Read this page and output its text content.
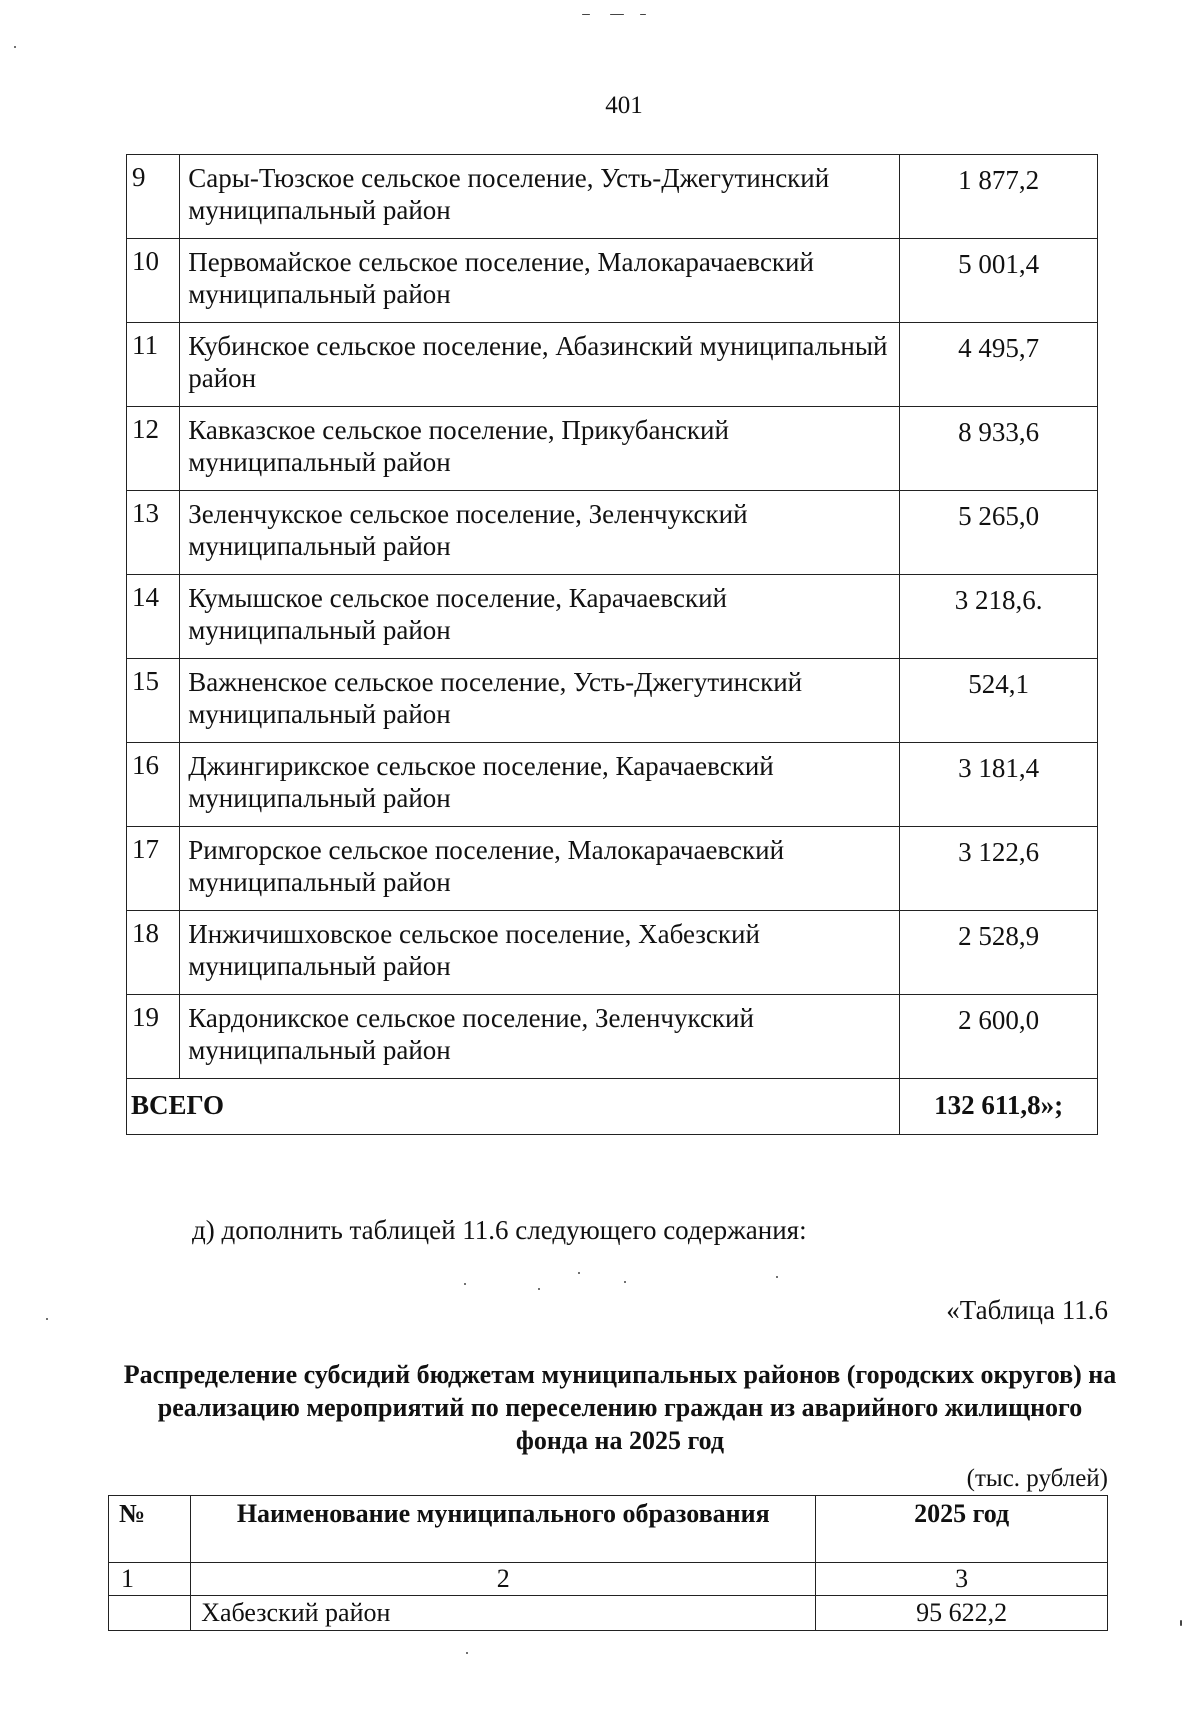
401
9	Сары-Тюзское сельское поселение, Усть-Джегутинский муниципальный район	1 877,2
10	Первомайское сельское поселение, Малокарачаевский муниципальный район	5 001,4
11	Кубинское сельское поселение, Абазинский муниципальный район	4 495,7
12	Кавказское сельское поселение, Прикубанский муниципальный район	8 933,6
13	Зеленчукское сельское поселение, Зеленчукский муниципальный район	5 265,0
14	Кумышское сельское поселение, Карачаевский муниципальный район	3 218,6.
15	Важненское сельское поселение, Усть-Джегутинский муниципальный район	524,1
16	Джингирикское сельское поселение, Карачаевский муниципальный район	3 181,4
17	Римгорское сельское поселение, Малокарачаевский муниципальный район	3 122,6
18	Инжичишховское сельское поселение, Хабезский муниципальный район	2 528,9
19	Кардоникское сельское поселение, Зеленчукский муниципальный район	2 600,0
ВСЕГО		132 611,8»;
д) дополнить таблицей 11.6 следующего содержания:
«Таблица 11.6
Распределение субсидий бюджетам муниципальных районов (городских округов) на реализацию мероприятий по переселению граждан из аварийного жилищного фонда на 2025 год
(тыс. рублей)
№	Наименование муниципального образования	2025 год
1	2	3
	Хабезский район	95 622,2
